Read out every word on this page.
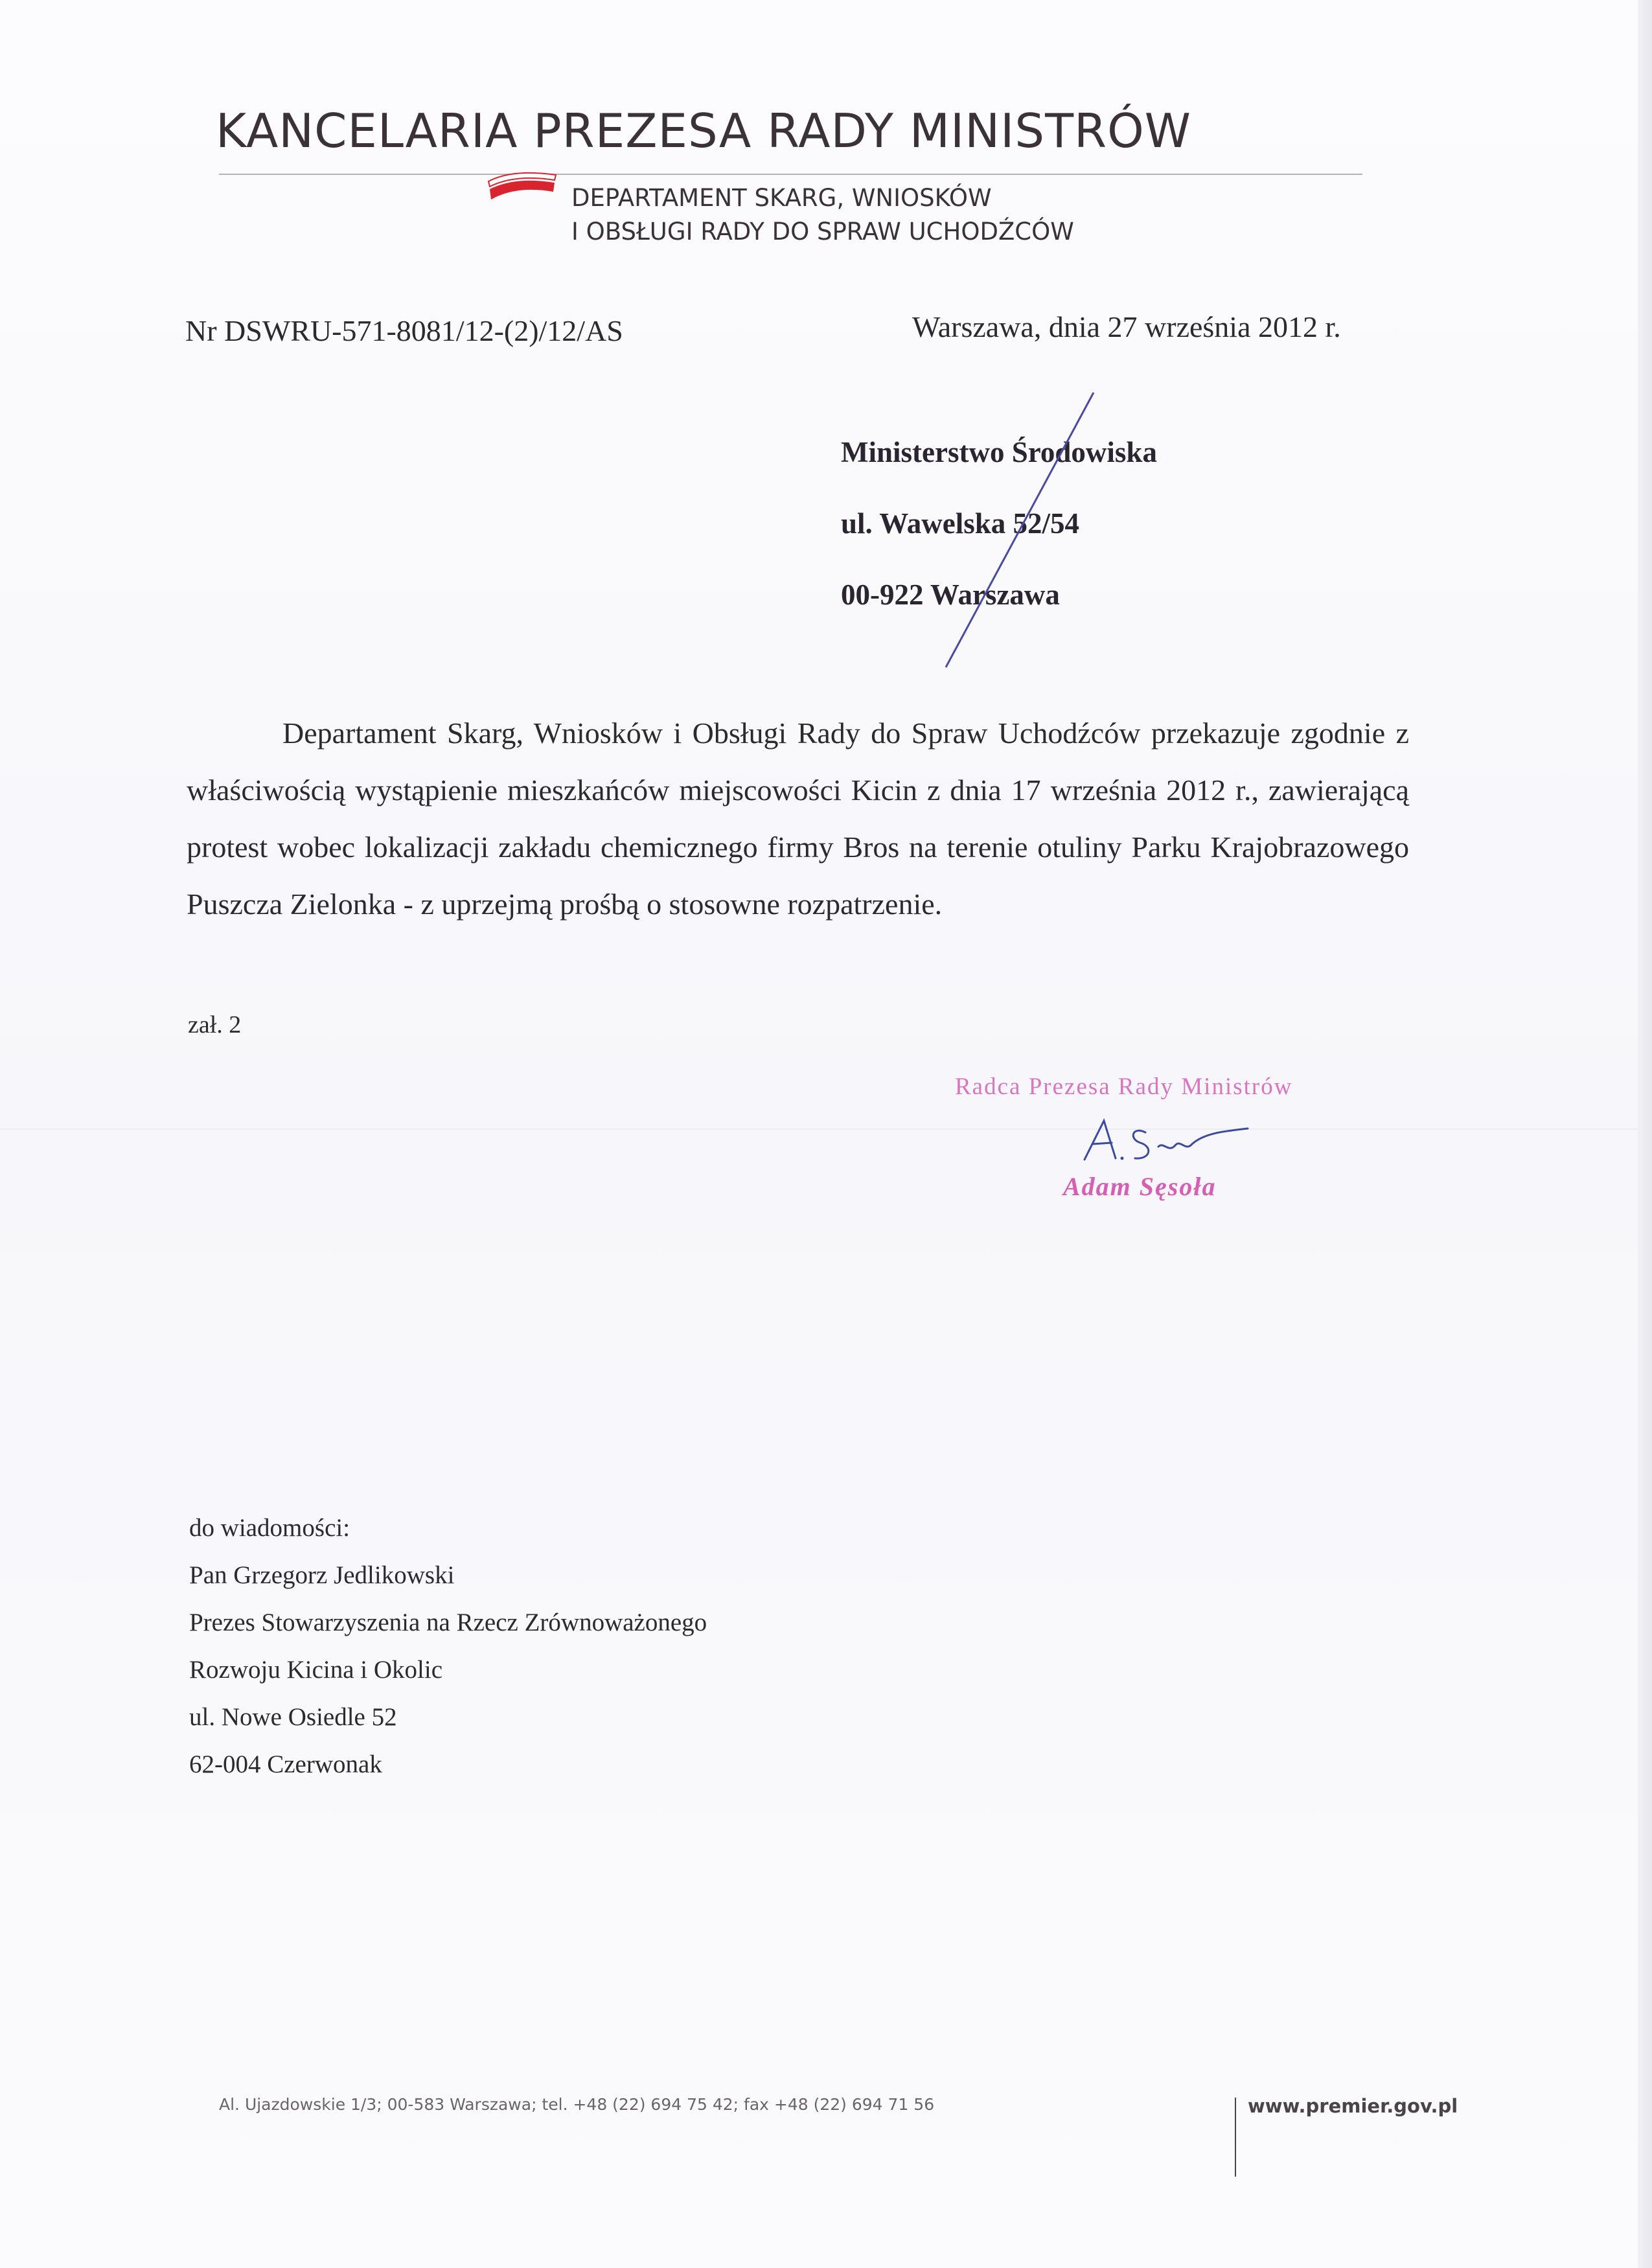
KANCELARIA PREZESA RADY MINISTRÓW
DEPARTAMENT SKARG, WNIOSKÓW
I OBSŁUGI RADY DO SPRAW UCHODŹCÓW
Nr DSWRU-571-8081/12-(2)/12/AS	Warszawa, dnia 27 września 2012 r.
Ministerstwo Środowiska
ul. Wawelska 52/54
00-922 Warszawa
Departament Skarg, Wniosków i Obsługi Rady do Spraw Uchodźców przekazuje zgodnie z właściwością wystąpienie mieszkańców miejscowości Kicin z dnia 17 września 2012 r., zawierającą protest wobec lokalizacji zakładu chemicznego firmy Bros na terenie otuliny Parku Krajobrazowego Puszcza Zielonka - z uprzejmą prośbą o stosowne rozpatrzenie.
zał. 2
Radca Prezesa Rady Ministrów
Adam Sęsoła
do wiadomości:
Pan Grzegorz Jedlikowski
Prezes Stowarzyszenia na Rzecz Zrównoważonego
Rozwoju Kicina i Okolic
ul. Nowe Osiedle 52
62-004 Czerwonak
Al. Ujazdowskie 1/3; 00-583 Warszawa; tel. +48 (22) 694 75 42; fax +48 (22) 694 71 56	www.premier.gov.pl
